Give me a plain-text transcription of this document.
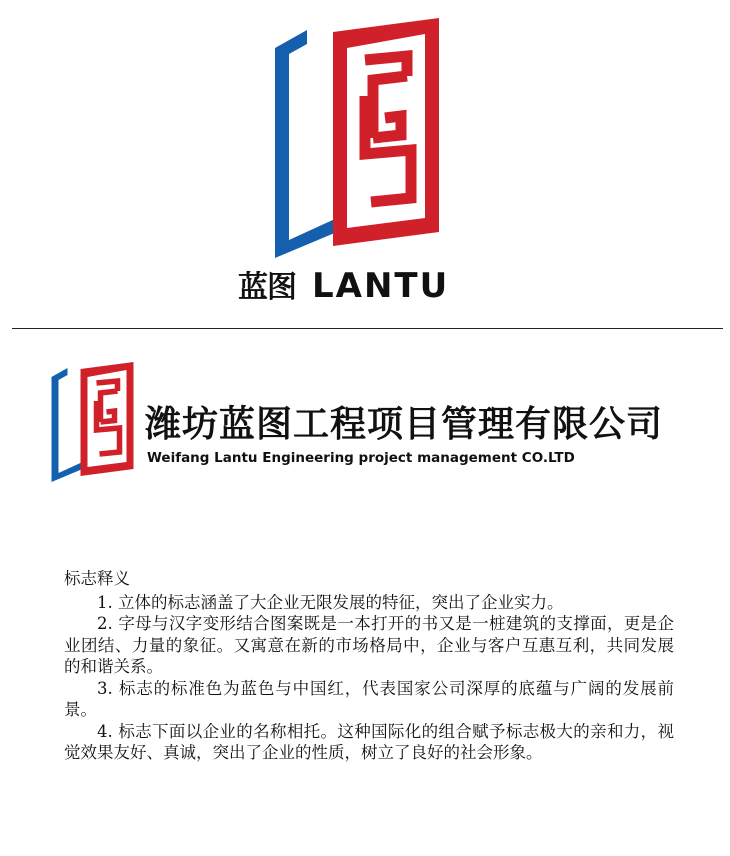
蓝图 LANTU
潍坊蓝图工程项目管理有限公司
Weifang Lantu Engineering project management CO.LTD
标志释义

1. 立体的标志涵盖了大企业无限发展的特征，突出了企业实力。

2. 字母与汉字变形结合图案既是一本打开的书又是一桩建筑的支撑面，更是企业团结、力量的象征。又寓意在新的市场格局中，企业与客户互惠互利，共同发展的和谐关系。

3. 标志的标准色为蓝色与中国红，代表国家公司深厚的底蕴与广阔的发展前景。

4. 标志下面以企业的名称相托。这种国际化的组合赋予标志极大的亲和力，视觉效果友好、真诚，突出了企业的性质，树立了良好的社会形象。
